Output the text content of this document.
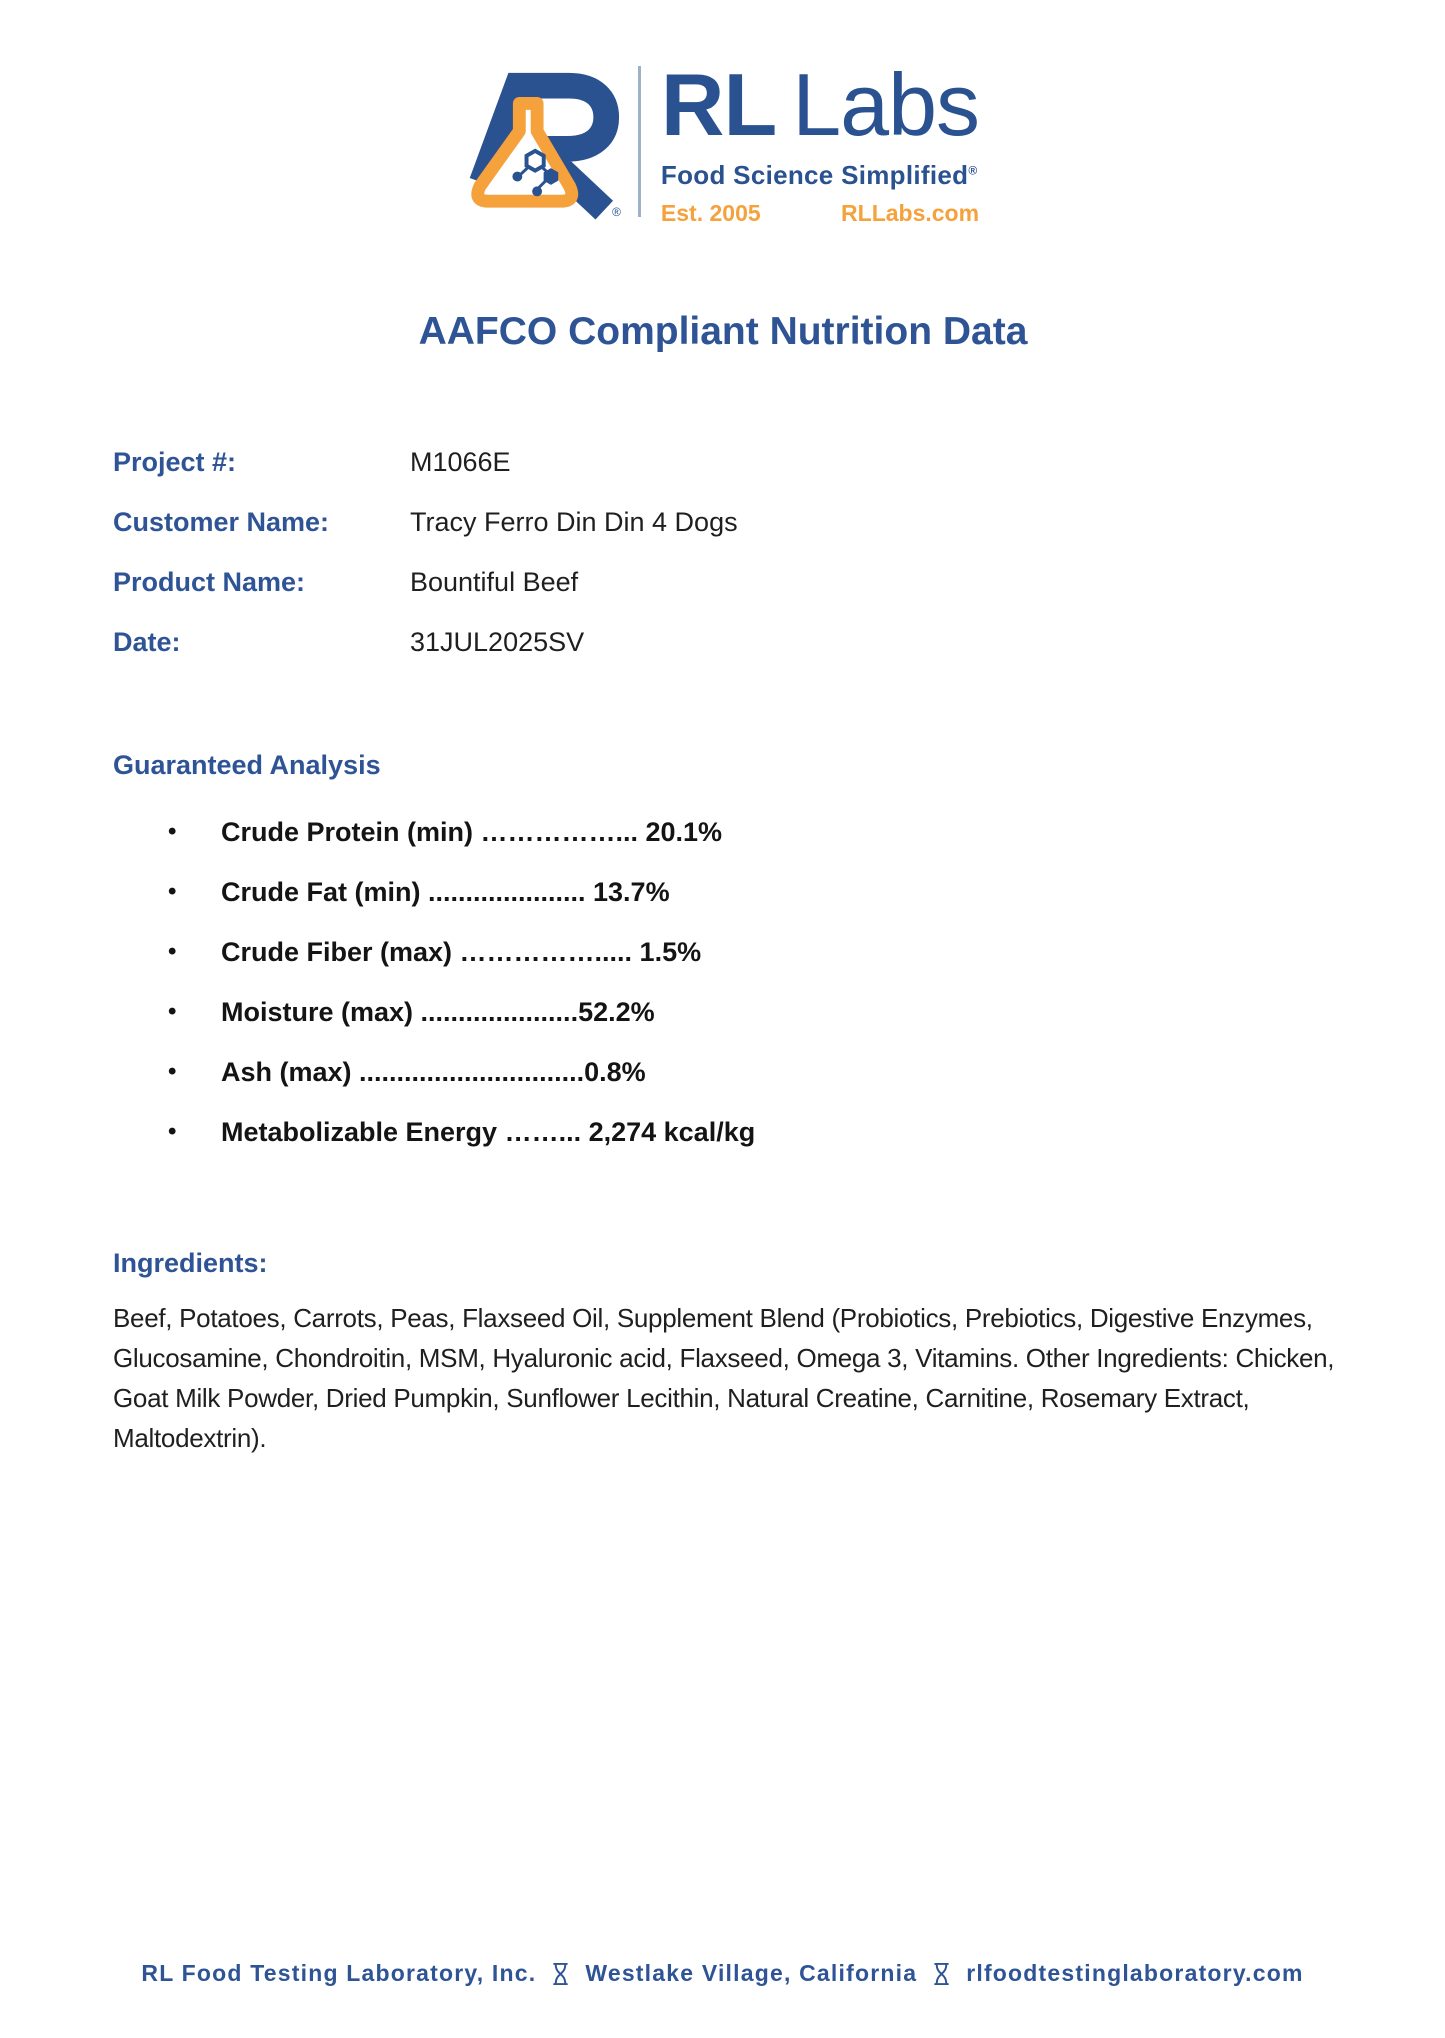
®
RL Labs
Food Science Simplified®
Est. 2005	RLLabs.com
AAFCO Compliant Nutrition Data
Project #:	M1066E
Customer Name:	Tracy Ferro Din Din 4 Dogs
Product Name:	Bountiful Beef
Date:	31JUL2025SV
Guaranteed Analysis
•	Crude Protein (min) ……………... 20.1%
•	Crude Fat (min) ..................... 13.7%
•	Crude Fiber (max) ……………..... 1.5%
•	Moisture (max) .....................52.2%
•	Ash (max) ..............................0.8%
•	Metabolizable Energy ……... 2,274 kcal/kg
Ingredients:
Beef, Potatoes, Carrots, Peas, Flaxseed Oil, Supplement Blend (Probiotics, Prebiotics, Digestive Enzymes, Glucosamine, Chondroitin, MSM, Hyaluronic acid, Flaxseed, Omega 3, Vitamins. Other Ingredients: Chicken, Goat Milk Powder, Dried Pumpkin, Sunflower Lecithin, Natural Creatine, Carnitine, Rosemary Extract, Maltodextrin).
RL Food Testing Laboratory, Inc. Westlake Village, California rlfoodtestinglaboratory.com
